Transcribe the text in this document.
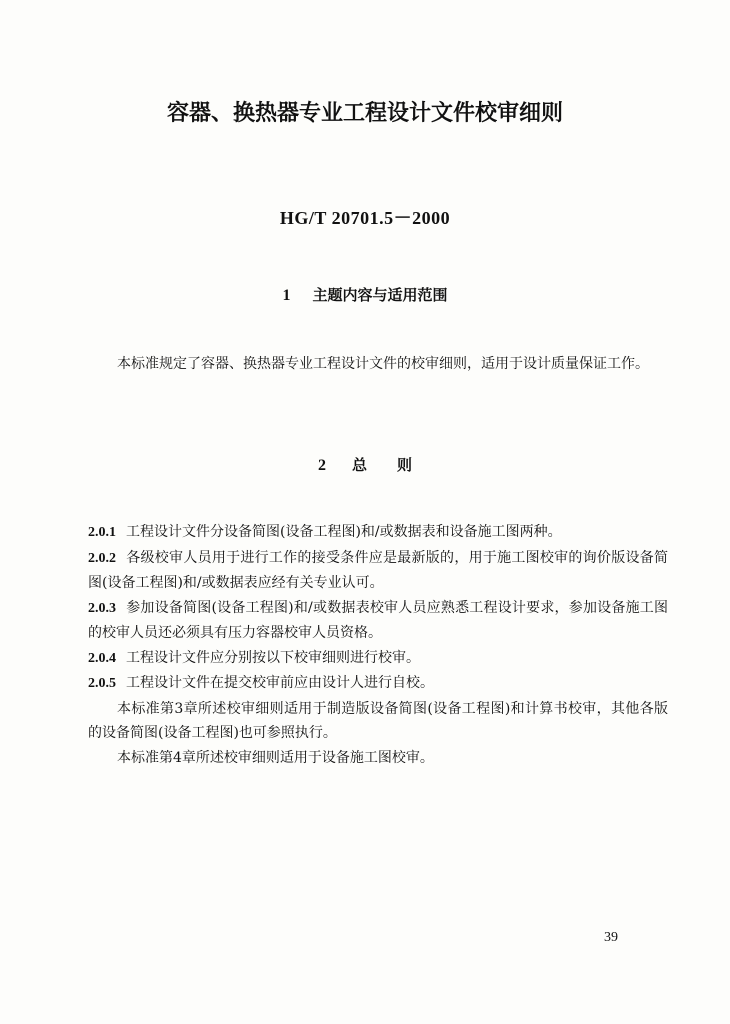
容器、换热器专业工程设计文件校审细则
HG/T 20701.5－2000
1 主题内容与适用范围
本标准规定了容器、换热器专业工程设计文件的校审细则，适用于设计质量保证工作。
2 总则

2.0.1 工程设计文件分设备简图(设备工程图)和/或数据表和设备施工图两种。

2.0.2 各级校审人员用于进行工作的接受条件应是最新版的，用于施工图校审的询价版设备简图(设备工程图)和/或数据表应经有关专业认可。

2.0.3 参加设备简图(设备工程图)和/或数据表校审人员应熟悉工程设计要求，参加设备施工图的校审人员还必须具有压力容器校审人员资格。

2.0.4 工程设计文件应分别按以下校审细则进行校审。

2.0.5 工程设计文件在提交校审前应由设计人进行自校。

本标准第3章所述校审细则适用于制造版设备简图(设备工程图)和计算书校审，其他各版的设备简图(设备工程图)也可参照执行。

本标准第4章所述校审细则适用于设备施工图校审。

39
